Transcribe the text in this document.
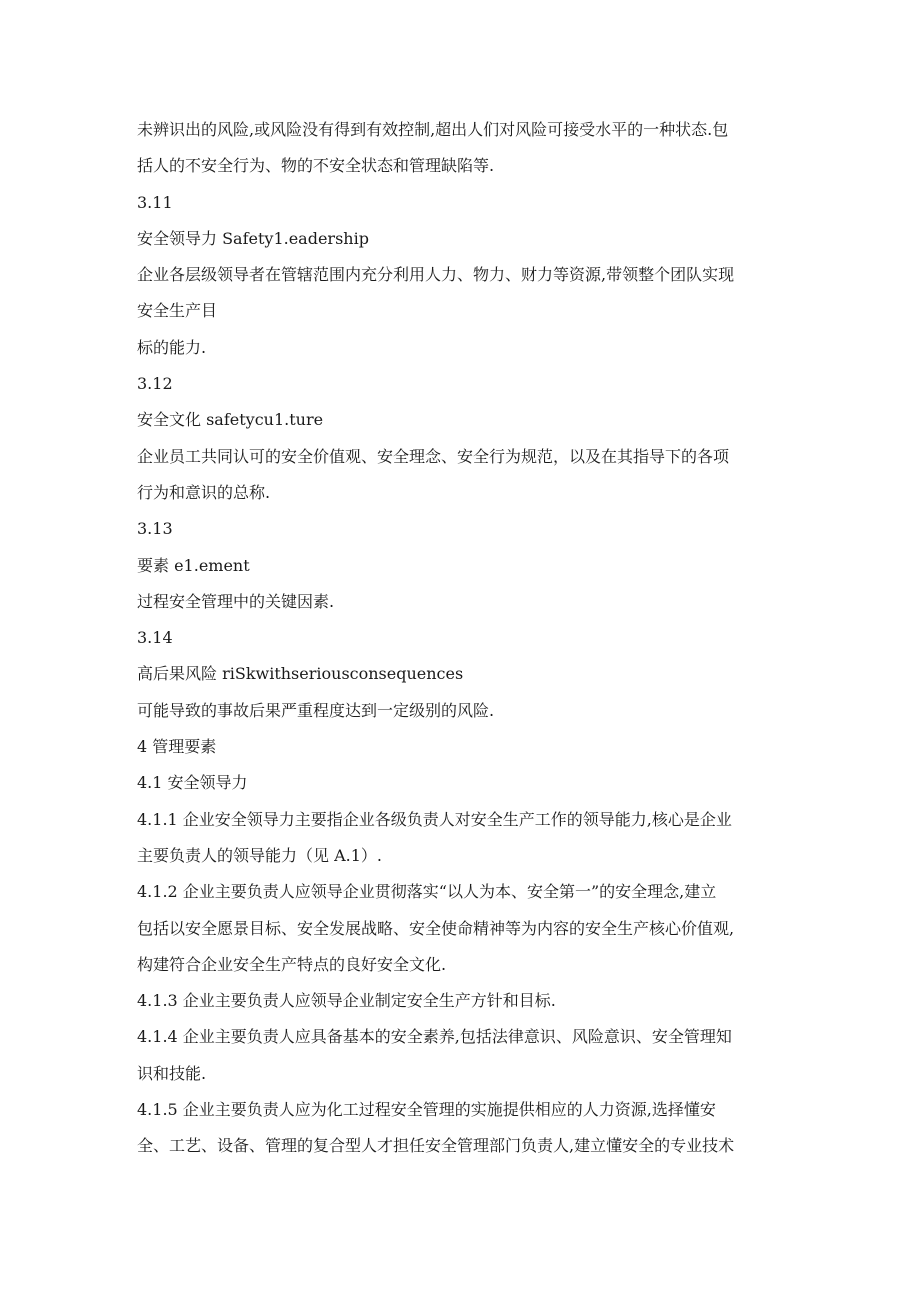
未辨识出的风险,或风险没有得到有效控制,超出人们对风险可接受水平的一种状态.包
括人的不安全行为、物的不安全状态和管理缺陷等.
3.11
安全领导力 Safety1.eadership
企业各层级领导者在管辖范围内充分利用人力、物力、财力等资源,带领整个团队实现
安全生产目
标的能力.
3.12
安全文化 safetycu1.ture
企业员工共同认可的安全价值观、安全理念、安全行为规范，以及在其指导下的各项
行为和意识的总称.
3.13
要素 e1.ement
过程安全管理中的关键因素.
3.14
高后果风险 riSkwithseriousconsequences
可能导致的事故后果严重程度达到一定级别的风险.
4 管理要素
4.1 安全领导力
4.1.1 企业安全领导力主要指企业各级负责人对安全生产工作的领导能力,核心是企业
主要负责人的领导能力（见 A.1）.
4.1.2 企业主要负责人应领导企业贯彻落实“以人为本、安全第一”的安全理念,建立
包括以安全愿景目标、安全发展战略、安全使命精神等为内容的安全生产核心价值观,
构建符合企业安全生产特点的良好安全文化.
4.1.3 企业主要负责人应领导企业制定安全生产方针和目标.
4.1.4 企业主要负责人应具备基本的安全素养,包括法律意识、风险意识、安全管理知
识和技能.
4.1.5 企业主要负责人应为化工过程安全管理的实施提供相应的人力资源,选择懂安
全、工艺、设备、管理的复合型人才担任安全管理部门负责人,建立懂安全的专业技术
